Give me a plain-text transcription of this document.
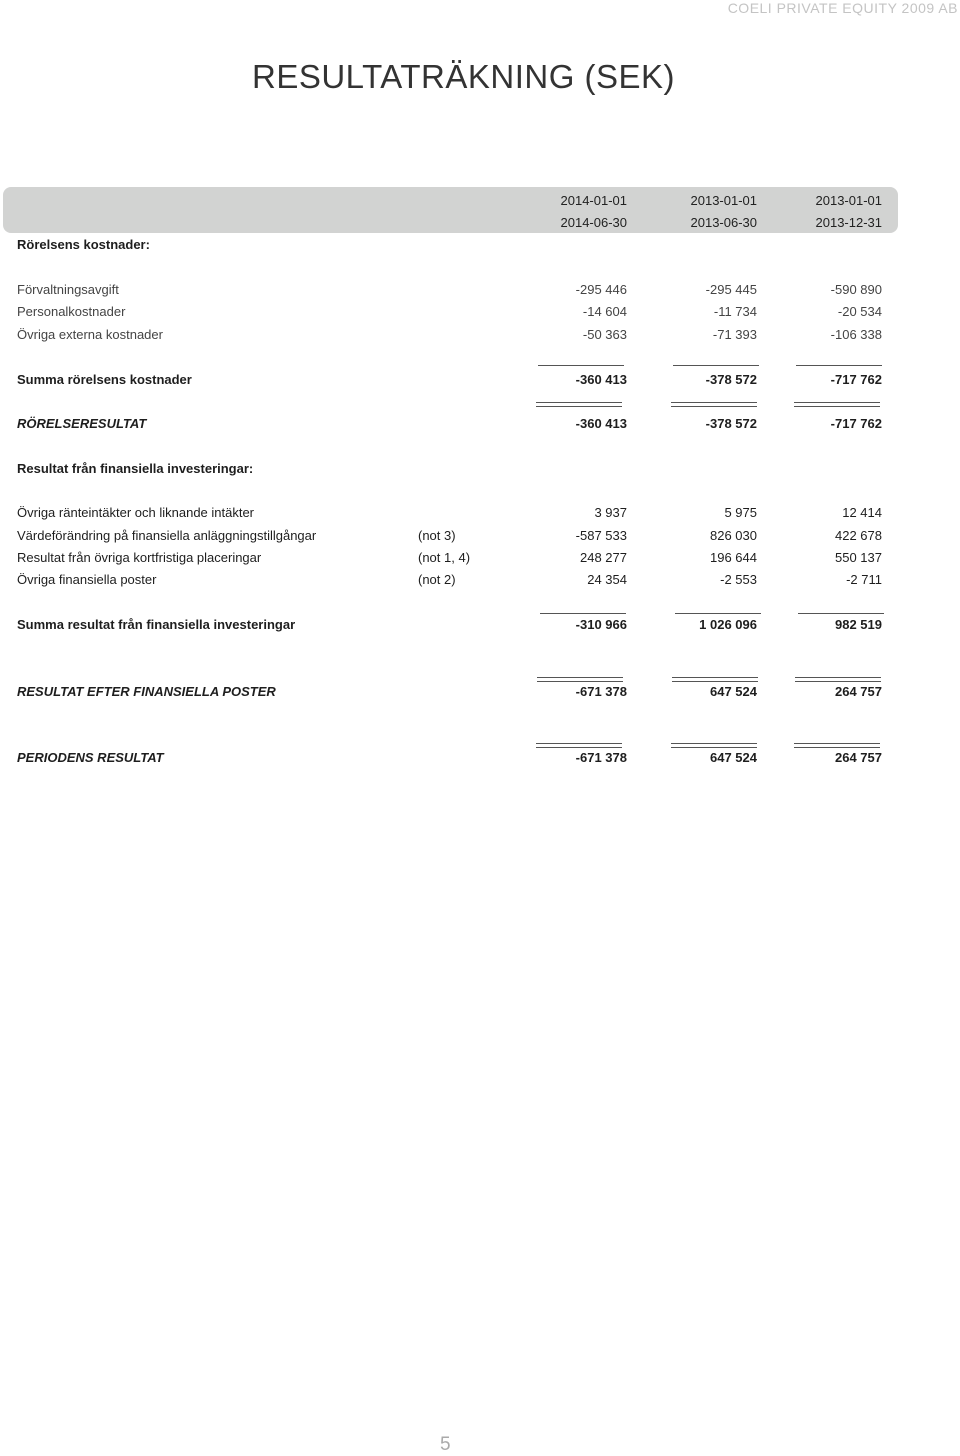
COELI PRIVATE EQUITY 2009 AB
RESULTATRÄKNING (SEK)
2014-01-01	2013-01-01	2013-01-01
2014-06-30	2013-06-30	2013-12-31
Rörelsens kostnader:
Förvaltningsavgift	-295 446	-295 445	-590 890
Personalkostnader	-14 604	-11 734	-20 534
Övriga externa kostnader	-50 363	-71 393	-106 338
Summa rörelsens kostnader	-360 413	-378 572	-717 762
RÖRELSERESULTAT	-360 413	-378 572	-717 762
Resultat från finansiella investeringar:
Övriga ränteintäkter och liknande intäkter	3 937	5 975	12 414
Värdeförändring på finansiella anläggningstillgångar	(not 3)	-587 533	826 030	422 678
Resultat från övriga kortfristiga placeringar	(not 1, 4)	248 277	196 644	550 137
Övriga finansiella poster	(not 2)	24 354	-2 553	-2 711
Summa resultat från finansiella investeringar	-310 966	1 026 096	982 519
RESULTAT EFTER FINANSIELLA POSTER	-671 378	647 524	264 757
PERIODENS RESULTAT	-671 378	647 524	264 757
5
